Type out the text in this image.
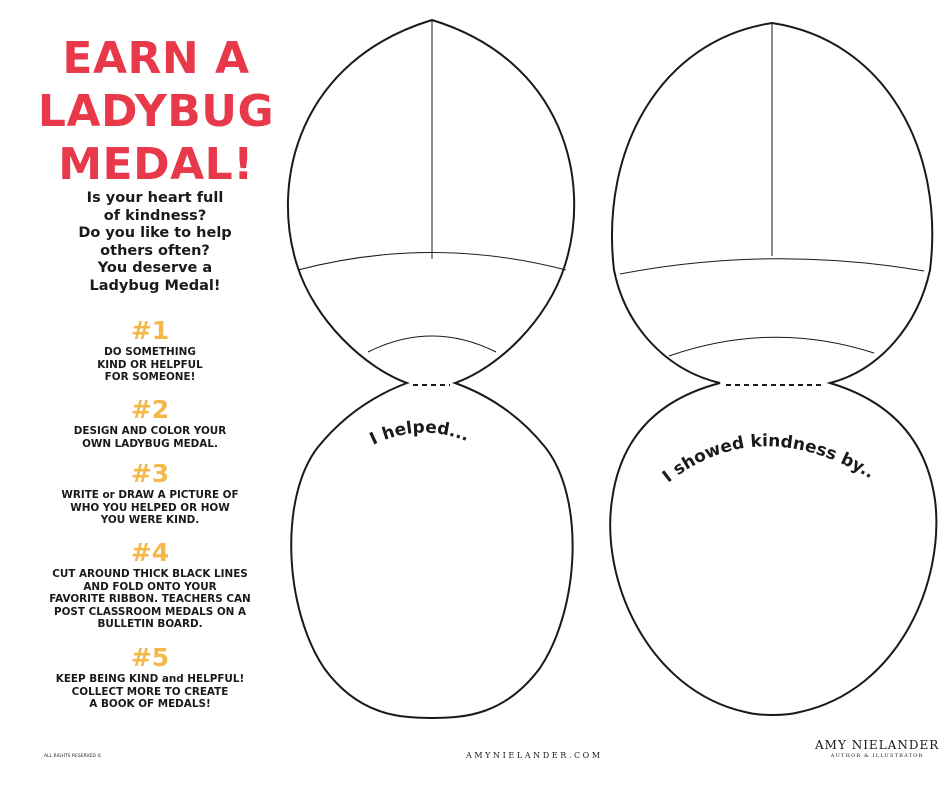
EARN A
LADYBUG
MEDAL!
Is your heart full
of kindness?
Do you like to help
others often?
You deserve a
Ladybug Medal!
#1
DO SOMETHING
KIND OR HELPFUL
FOR SOMEONE!
#2
DESIGN AND COLOR YOUR
OWN LADYBUG MEDAL.
#3
WRITE or DRAW A PICTURE OF
WHO YOU HELPED OR HOW
YOU WERE KIND.
#4
CUT AROUND THICK BLACK LINES
AND FOLD ONTO YOUR
FAVORITE RIBBON. TEACHERS CAN
POST CLASSROOM MEDALS ON A
BULLETIN BOARD.
#5
KEEP BEING KIND and HELPFUL!
COLLECT MORE TO CREATE
A BOOK OF MEDALS!
I helped...
I showed kindness by..
ALL RIGHTS RESERVED ©	AMYNIELANDER.COM
AMY NIELANDER
AUTHOR & ILLUSTRATOR
